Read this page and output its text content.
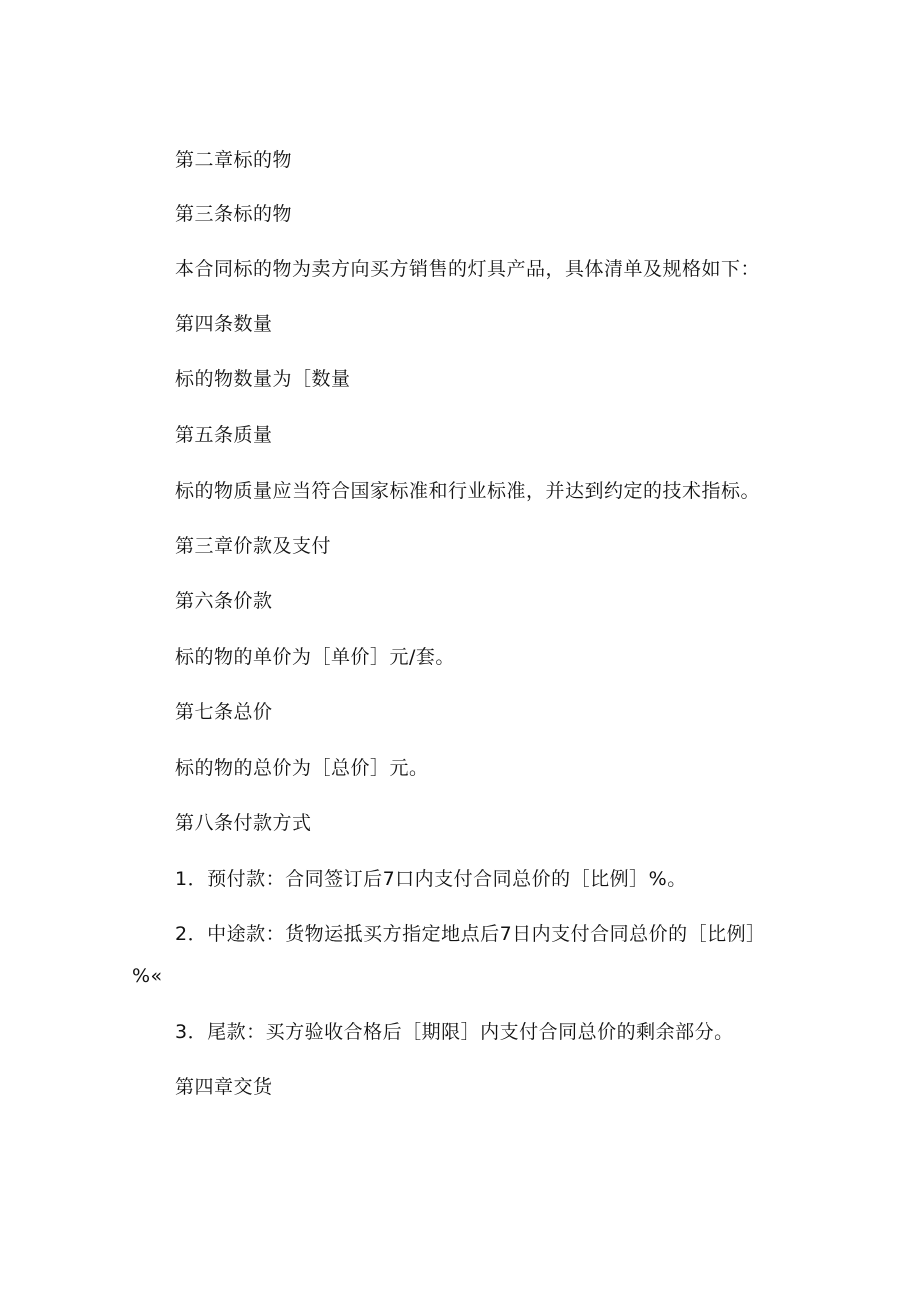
第二章标的物
第三条标的物
本合同标的物为卖方向买方销售的灯具产品，具体清单及规格如下：
第四条数量
标的物数量为［数量
第五条质量
标的物质量应当符合国家标准和行业标准，并达到约定的技术指标。
第三章价款及支付
第六条价款
标的物的单价为［单价］元/套。
第七条总价
标的物的总价为［总价］元。
第八条付款方式
1．预付款：合同签订后7口内支付合同总价的［比例］%。
2．中途款：货物运抵买方指定地点后7日内支付合同总价的［比例］
%«
3．尾款：买方验收合格后［期限］内支付合同总价的剩余部分。
第四章交货
